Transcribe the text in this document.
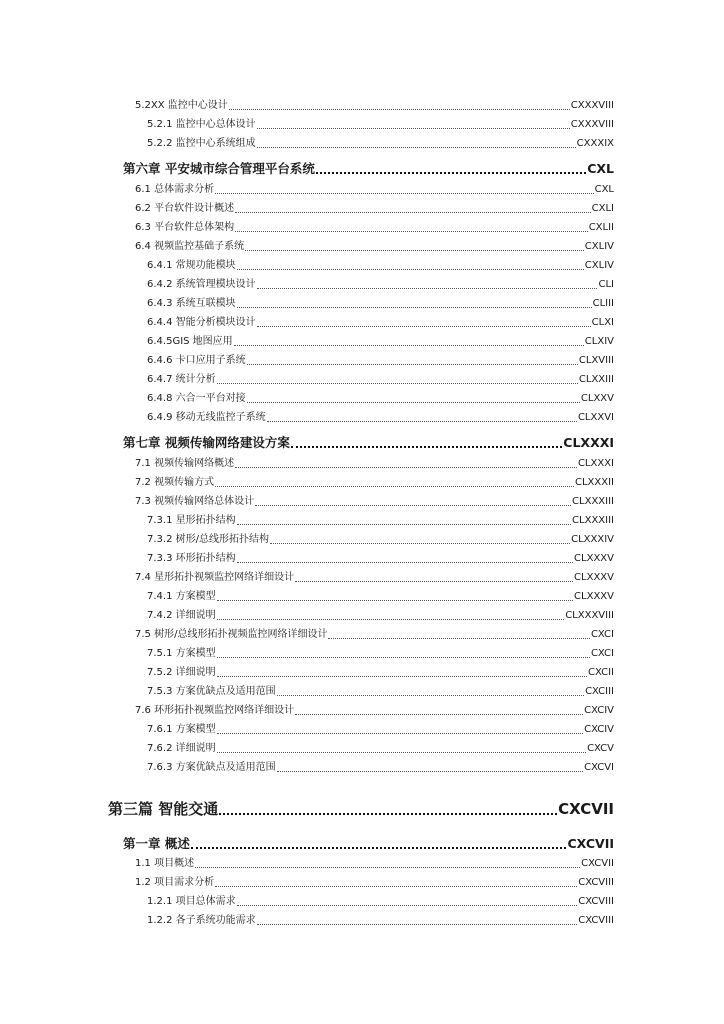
5.2XX 监控中心设计	CXXXVIII
5.2.1 监控中心总体设计	CXXXVIII
5.2.2 监控中心系统组成	CXXXIX
第六章 平安城市综合管理平台系统	CXL
6.1 总体需求分析	CXL
6.2 平台软件设计概述	CXLI
6.3 平台软件总体架构	CXLII
6.4 视频监控基础子系统	CXLIV
6.4.1 常规功能模块	CXLIV
6.4.2 系统管理模块设计	CLI
6.4.3 系统互联模块	CLIII
6.4.4 智能分析模块设计	CLXI
6.4.5GIS 地图应用	CLXIV
6.4.6 卡口应用子系统	CLXVIII
6.4.7 统计分析	CLXXIII
6.4.8 六合一平台对接	CLXXV
6.4.9 移动无线监控子系统	CLXXVI
第七章 视频传输网络建设方案	CLXXXI
7.1 视频传输网络概述	CLXXXI
7.2 视频传输方式	CLXXXII
7.3 视频传输网络总体设计	CLXXXIII
7.3.1 星形拓扑结构	CLXXXIII
7.3.2 树形/总线形拓扑结构	CLXXXIV
7.3.3 环形拓扑结构	CLXXXV
7.4 星形拓扑视频监控网络详细设计	CLXXXV
7.4.1 方案模型	CLXXXV
7.4.2 详细说明	CLXXXVIII
7.5 树形/总线形拓扑视频监控网络详细设计	CXCI
7.5.1 方案模型	CXCI
7.5.2 详细说明	CXCII
7.5.3 方案优缺点及适用范围	CXCIII
7.6 环形拓扑视频监控网络详细设计	CXCIV
7.6.1 方案模型	CXCIV
7.6.2 详细说明	CXCV
7.6.3 方案优缺点及适用范围	CXCVI
第三篇 智能交通	CXCVII
第一章 概述	CXCVII
1.1 项目概述	CXCVII
1.2 项目需求分析	CXCVIII
1.2.1 项目总体需求	CXCVIII
1.2.2 各子系统功能需求	CXCVIII
